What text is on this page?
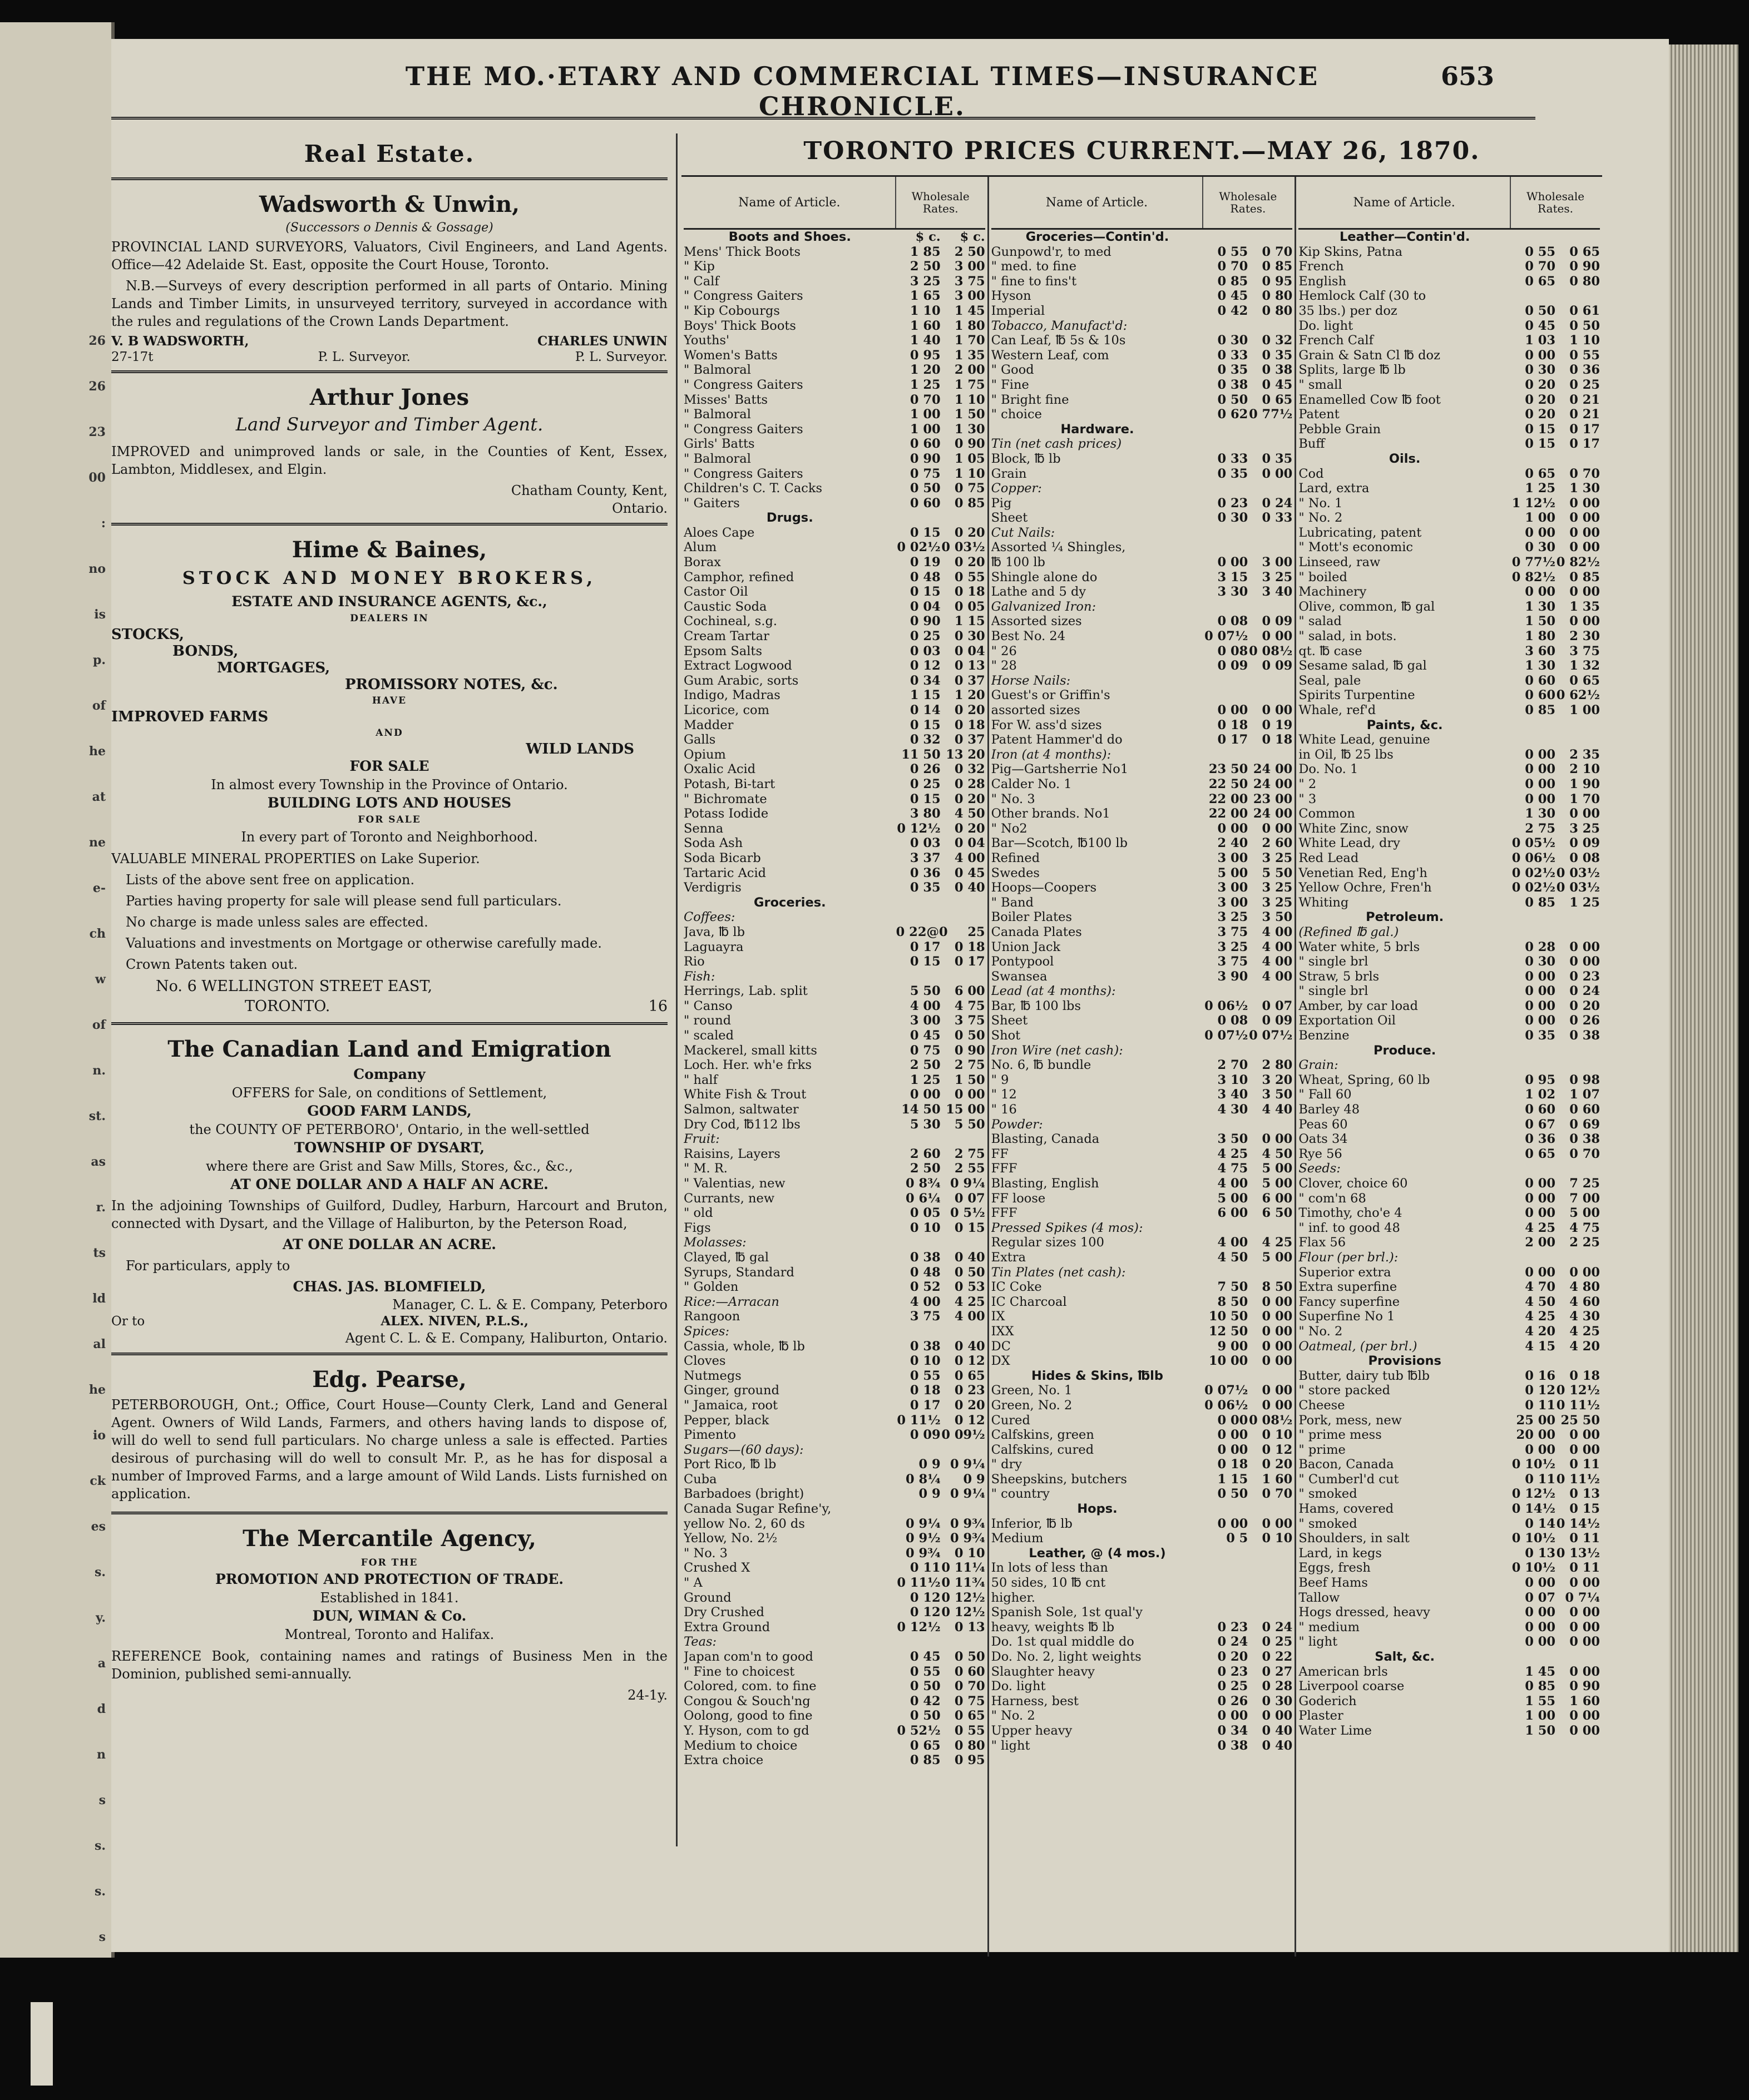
26
26
23
00
:
no
is
p.
of
he
at
ne
e-
ch
w
of
n.
st.
as
r.
ts
ld
al
he
io
ck
es
s.
y.
a
d
n
s
s.
s.
s
THE MO.·ETARY AND COMMERCIAL TIMES—INSURANCE CHRONICLE.
653
Real Estate.
Wadsworth & Unwin,
(Successors o Dennis & Gossage)
PROVINCIAL LAND SURVEYORS, Valuators, Civil Engineers, and Land Agents. Office—42 Adelaide St. East, opposite the Court House, Toronto.
N.B.—Surveys of every description performed in all parts of Ontario. Mining Lands and Timber Limits, in unsurveyed territory, surveyed in accordance with the rules and regulations of the Crown Lands Department.
V. B WADSWORTH,	CHARLES UNWIN
27-17t	P. L. Surveyor.	P. L. Surveyor.
Arthur Jones
Land Surveyor and Timber Agent.
IMPROVED and unimproved lands or sale, in the Counties of Kent, Essex, Lambton, Middlesex, and Elgin.
Chatham County, Kent,
Ontario.
Hime & Baines,
STOCK AND MONEY BROKERS,
ESTATE AND INSURANCE AGENTS, &c.,
DEALERS IN
STOCKS,
BONDS,
MORTGAGES,
PROMISSORY NOTES, &c.
HAVE
IMPROVED FARMS
AND
WILD LANDS
FOR SALE
In almost every Township in the Province of Ontario.
BUILDING LOTS AND HOUSES
FOR SALE
In every part of Toronto and Neighborhood.
VALUABLE MINERAL PROPERTIES on Lake Superior.
Lists of the above sent free on application.
Parties having property for sale will please send full particulars.
No charge is made unless sales are effected.
Valuations and investments on Mortgage or otherwise carefully made.
Crown Patents taken out.
No. 6 WELLINGTON STREET EAST,
TORONTO.	16
The Canadian Land and Emigration
Company
OFFERS for Sale, on conditions of Settlement,
GOOD FARM LANDS,
the COUNTY OF PETERBORO', Ontario, in the well-settled
TOWNSHIP OF DYSART,
where there are Grist and Saw Mills, Stores, &c., &c.,
AT ONE DOLLAR AND A HALF AN ACRE.
In the adjoining Townships of Guilford, Dudley, Harburn, Harcourt and Bruton, connected with Dysart, and the Village of Haliburton, by the Peterson Road,
AT ONE DOLLAR AN ACRE.
For particulars, apply to
CHAS. JAS. BLOMFIELD,
Manager, C. L. & E. Company, Peterboro
Or to	ALEX. NIVEN, P.L.S.,
Agent C. L. & E. Company, Haliburton, Ontario.
Edg. Pearse,
PETERBOROUGH, Ont.; Office, Court House—County Clerk, Land and General Agent. Owners of Wild Lands, Farmers, and others having lands to dispose of, will do well to send full particulars. No charge unless a sale is effected. Parties desirous of purchasing will do well to consult Mr. P., as he has for disposal a number of Improved Farms, and a large amount of Wild Lands. Lists furnished on application.
The Mercantile Agency,
FOR THE
PROMOTION AND PROTECTION OF TRADE.
Established in 1841.
DUN, WIMAN & Co.
Montreal, Toronto and Halifax.
REFERENCE Book, containing names and ratings of Business Men in the Dominion, published semi-annually.
24-1y.
TORONTO PRICES CURRENT.—MAY 26, 1870.
Name of Article.	Wholesale Rates.
Boots and Shoes.	$ c.	$ c.
Mens' Thick Boots	1 85	2 50
" Kip	2 50	3 00
" Calf	3 25	3 75
" Congress Gaiters	1 65	3 00
" Kip Cobourgs	1 10	1 45
Boys' Thick Boots	1 60	1 80
Youths'	1 40	1 70
Women's Batts	0 95	1 35
" Balmoral	1 20	2 00
" Congress Gaiters	1 25	1 75
Misses' Batts	0 70	1 10
" Balmoral	1 00	1 50
" Congress Gaiters	1 00	1 30
Girls' Batts	0 60	0 90
" Balmoral	0 90	1 05
" Congress Gaiters	0 75	1 10
Children's C. T. Cacks	0 50	0 75
" Gaiters	0 60	0 85
Drugs.
Aloes Cape	0 15	0 20
Alum	0 02½ 0 03½
Borax	0 19	0 20
Camphor, refined	0 48	0 55
Castor Oil	0 15	0 18
Caustic Soda	0 04	0 05
Cochineal, s.g.	0 90	1 15
Cream Tartar	0 25	0 30
Epsom Salts	0 03	0 04
Extract Logwood	0 12	0 13
Gum Arabic, sorts	0 34	0 37
Indigo, Madras	1 15	1 20
Licorice, com	0 14	0 20
Madder	0 15	0 18
Galls	0 32	0 37
Opium	11 50 13 20
Oxalic Acid	0 26	0 32
Potash, Bi-tart	0 25	0 28
" Bichromate	0 15	0 20
Potass Iodide	3 80	4 50
Senna	0 12½	0 20
Soda Ash	0 03	0 04
Soda Bicarb	3 37	4 00
Tartaric Acid	0 36	0 45
Verdigris	0 35	0 40
Groceries.
Coffees:
Java, ℔ lb	0 22@0	25
Laguayra	0 17	0 18
Rio	0 15	0 17
Fish:
Herrings, Lab. split	5 50	6 00
" Canso	4 00	4 75
" round	3 00	3 75
" scaled	0 45	0 50
Mackerel, small kitts	0 75	0 90
Loch. Her. wh'e frks	2 50	2 75
" half	1 25	1 50
White Fish & Trout	0 00	0 00
Salmon, saltwater	14 50 15 00
Dry Cod, ℔112 lbs	5 30	5 50
Fruit:
Raisins, Layers	2 60	2 75
" M. R.	2 50	2 55
" Valentias, new	0 8¾ 0 9¼
Currants, new	0 6¼	0 07
" old	0 05 0 5½
Figs	0 10	0 15
Molasses:
Clayed, ℔ gal	0 38	0 40
Syrups, Standard	0 48	0 50
" Golden	0 52	0 53
Rice:—Arracan	4 00	4 25
Rangoon	3 75	4 00
Spices:
Cassia, whole, ℔ lb	0 38	0 40
Cloves	0 10	0 12
Nutmegs	0 55	0 65
Ginger, ground	0 18	0 23
" Jamaica, root	0 17	0 20
Pepper, black	0 11½	0 12
Pimento	0 09 0 09½
Sugars—(60 days):
Port Rico, ℔ lb	0 9 0 9¼
Cuba	0 8¼	0 9
Barbadoes (bright)	0 9 0 9¼
Canada Sugar Refine'y,
yellow No. 2, 60 ds	0 9¼ 0 9¾
Yellow, No. 2½	0 9½ 0 9¾
" No. 3	0 9¾	0 10
Crushed X	0 11 0 11¼
" A	0 11½ 0 11¾
Ground	0 12 0 12½
Dry Crushed	0 12 0 12½
Extra Ground	0 12½	0 13
Teas:
Japan com'n to good	0 45	0 50
" Fine to choicest	0 55	0 60
Colored, com. to fine	0 50	0 70
Congou & Souch'ng	0 42	0 75
Oolong, good to fine	0 50	0 65
Y. Hyson, com to gd	0 52½	0 55
Medium to choice	0 65	0 80
Extra choice	0 85	0 95
Name of Article.	Wholesale Rates.
Groceries—Contin'd.
Gunpowd'r, to med	0 55	0 70
" med. to fine	0 70	0 85
" fine to fins't	0 85	0 95
Hyson	0 45	0 80
Imperial	0 42	0 80
Tobacco, Manufact'd:
Can Leaf, ℔ 5s & 10s	0 30	0 32
Western Leaf, com	0 33	0 35
" Good	0 35	0 38
" Fine	0 38	0 45
" Bright fine	0 50	0 65
" choice	0 62 0 77½
Hardware.
Tin (net cash prices)
Block, ℔ lb	0 33	0 35
Grain	0 35	0 00
Copper:
Pig	0 23	0 24
Sheet	0 30	0 33
Cut Nails:
Assorted ¼ Shingles,
℔ 100 lb	0 00	3 00
Shingle alone do	3 15	3 25
Lathe and 5 dy	3 30	3 40
Galvanized Iron:
Assorted sizes	0 08	0 09
Best No. 24	0 07½	0 00
" 26	0 08 0 08½
" 28	0 09	0 09
Horse Nails:
Guest's or Griffin's
assorted sizes	0 00	0 00
For W. ass'd sizes	0 18	0 19
Patent Hammer'd do	0 17	0 18
Iron (at 4 months):
Pig—Gartsherrie No1	23 50 24 00
Calder No. 1	22 50 24 00
" No. 3	22 00 23 00
Other brands. No1	22 00 24 00
" No2	0 00	0 00
Bar—Scotch, ℔100 lb	2 40	2 60
Refined	3 00	3 25
Swedes	5 00	5 50
Hoops—Coopers	3 00	3 25
" Band	3 00	3 25
Boiler Plates	3 25	3 50
Canada Plates	3 75	4 00
Union Jack	3 25	4 00
Pontypool	3 75	4 00
Swansea	3 90	4 00
Lead (at 4 months):
Bar, ℔ 100 lbs	0 06½	0 07
Sheet	0 08	0 09
Shot	0 07½ 0 07½
Iron Wire (net cash):
No. 6, ℔ bundle	2 70	2 80
" 9	3 10	3 20
" 12	3 40	3 50
" 16	4 30	4 40
Powder:
Blasting, Canada	3 50	0 00
FF	4 25	4 50
FFF	4 75	5 00
Blasting, English	4 00	5 00
FF loose	5 00	6 00
FFF	6 00	6 50
Pressed Spikes (4 mos):
Regular sizes 100	4 00	4 25
Extra	4 50	5 00
Tin Plates (net cash):
IC Coke	7 50	8 50
IC Charcoal	8 50	0 00
IX	10 50	0 00
IXX	12 50	0 00
DC	9 00	0 00
DX	10 00	0 00
Hides & Skins, ℔lb
Green, No. 1	0 07½	0 00
Green, No. 2	0 06½	0 00
Cured	0 00 0 08½
Calfskins, green	0 00	0 10
Calfskins, cured	0 00	0 12
" dry	0 18	0 20
Sheepskins, butchers	1 15	1 60
" country	0 50	0 70
Hops.
Inferior, ℔ lb	0 00	0 00
Medium	0 5	0 10
Leather, @ (4 mos.)
In lots of less than
50 sides, 10 ℔ cnt
higher.
Spanish Sole, 1st qual'y
heavy, weights ℔ lb	0 23	0 24
Do. 1st qual middle do	0 24	0 25
Do. No. 2, light weights	0 20	0 22
Slaughter heavy	0 23	0 27
Do. light	0 25	0 28
Harness, best	0 26	0 30
" No. 2	0 00	0 00
Upper heavy	0 34	0 40
" light	0 38	0 40
Name of Article.	Wholesale Rates.
Leather—Contin'd.
Kip Skins, Patna	0 55	0 65
French	0 70	0 90
English	0 65	0 80
Hemlock Calf (30 to
35 lbs.) per doz	0 50	0 61
Do. light	0 45	0 50
French Calf	1 03	1 10
Grain & Satn Cl ℔ doz	0 00	0 55
Splits, large ℔ lb	0 30	0 36
" small	0 20	0 25
Enamelled Cow ℔ foot	0 20	0 21
Patent	0 20	0 21
Pebble Grain	0 15	0 17
Buff	0 15	0 17
Oils.
Cod	0 65	0 70
Lard, extra	1 25	1 30
" No. 1	1 12½	0 00
" No. 2	1 00	0 00
Lubricating, patent	0 00	0 00
" Mott's economic	0 30	0 00
Linseed, raw	0 77½ 0 82½
" boiled	0 82½	0 85
Machinery	0 00	0 00
Olive, common, ℔ gal	1 30	1 35
" salad	1 50	0 00
" salad, in bots.	1 80	2 30
qt. ℔ case	3 60	3 75
Sesame salad, ℔ gal	1 30	1 32
Seal, pale	0 60	0 65
Spirits Turpentine	0 60 0 62½
Whale, ref'd	0 85	1 00
Paints, &c.
White Lead, genuine
in Oil, ℔ 25 lbs	0 00	2 35
Do. No. 1	0 00	2 10
" 2	0 00	1 90
" 3	0 00	1 70
Common	1 30	0 00
White Zinc, snow	2 75	3 25
White Lead, dry	0 05½	0 09
Red Lead	0 06½	0 08
Venetian Red, Eng'h	0 02½ 0 03½
Yellow Ochre, Fren'h	0 02½ 0 03½
Whiting	0 85	1 25
Petroleum.
(Refined ℔ gal.)
Water white, 5 brls	0 28	0 00
" single brl	0 30	0 00
Straw, 5 brls	0 00	0 23
" single brl	0 00	0 24
Amber, by car load	0 00	0 20
Exportation Oil	0 00	0 26
Benzine	0 35	0 38
Produce.
Grain:
Wheat, Spring, 60 lb	0 95	0 98
" Fall 60	1 02	1 07
Barley 48	0 60	0 60
Peas 60	0 67	0 69
Oats 34	0 36	0 38
Rye 56	0 65	0 70
Seeds:
Clover, choice 60	0 00	7 25
" com'n 68	0 00	7 00
Timothy, cho'e 4	0 00	5 00
" inf. to good 48	4 25	4 75
Flax 56	2 00	2 25
Flour (per brl.):
Superior extra	0 00	0 00
Extra superfine	4 70	4 80
Fancy superfine	4 50	4 60
Superfine No 1	4 25	4 30
" No. 2	4 20	4 25
Oatmeal, (per brl.)	4 15	4 20
Provisions
Butter, dairy tub ℔lb	0 16	0 18
" store packed	0 12 0 12½
Cheese	0 11 0 11½
Pork, mess, new	25 00 25 50
" prime mess	20 00	0 00
" prime	0 00	0 00
Bacon, Canada	0 10½	0 11
" Cumberl'd cut	0 11 0 11½
" smoked	0 12½	0 13
Hams, covered	0 14½	0 15
" smoked	0 14 0 14½
Shoulders, in salt	0 10½	0 11
Lard, in kegs	0 13 0 13½
Eggs, fresh	0 10½	0 11
Beef Hams	0 00	0 00
Tallow	0 07 0 7¼
Hogs dressed, heavy	0 00	0 00
" medium	0 00	0 00
" light	0 00	0 00
Salt, &c.
American brls	1 45	0 00
Liverpool coarse	0 85	0 90
Goderich	1 55	1 60
Plaster	1 00	0 00
Water Lime	1 50	0 00
